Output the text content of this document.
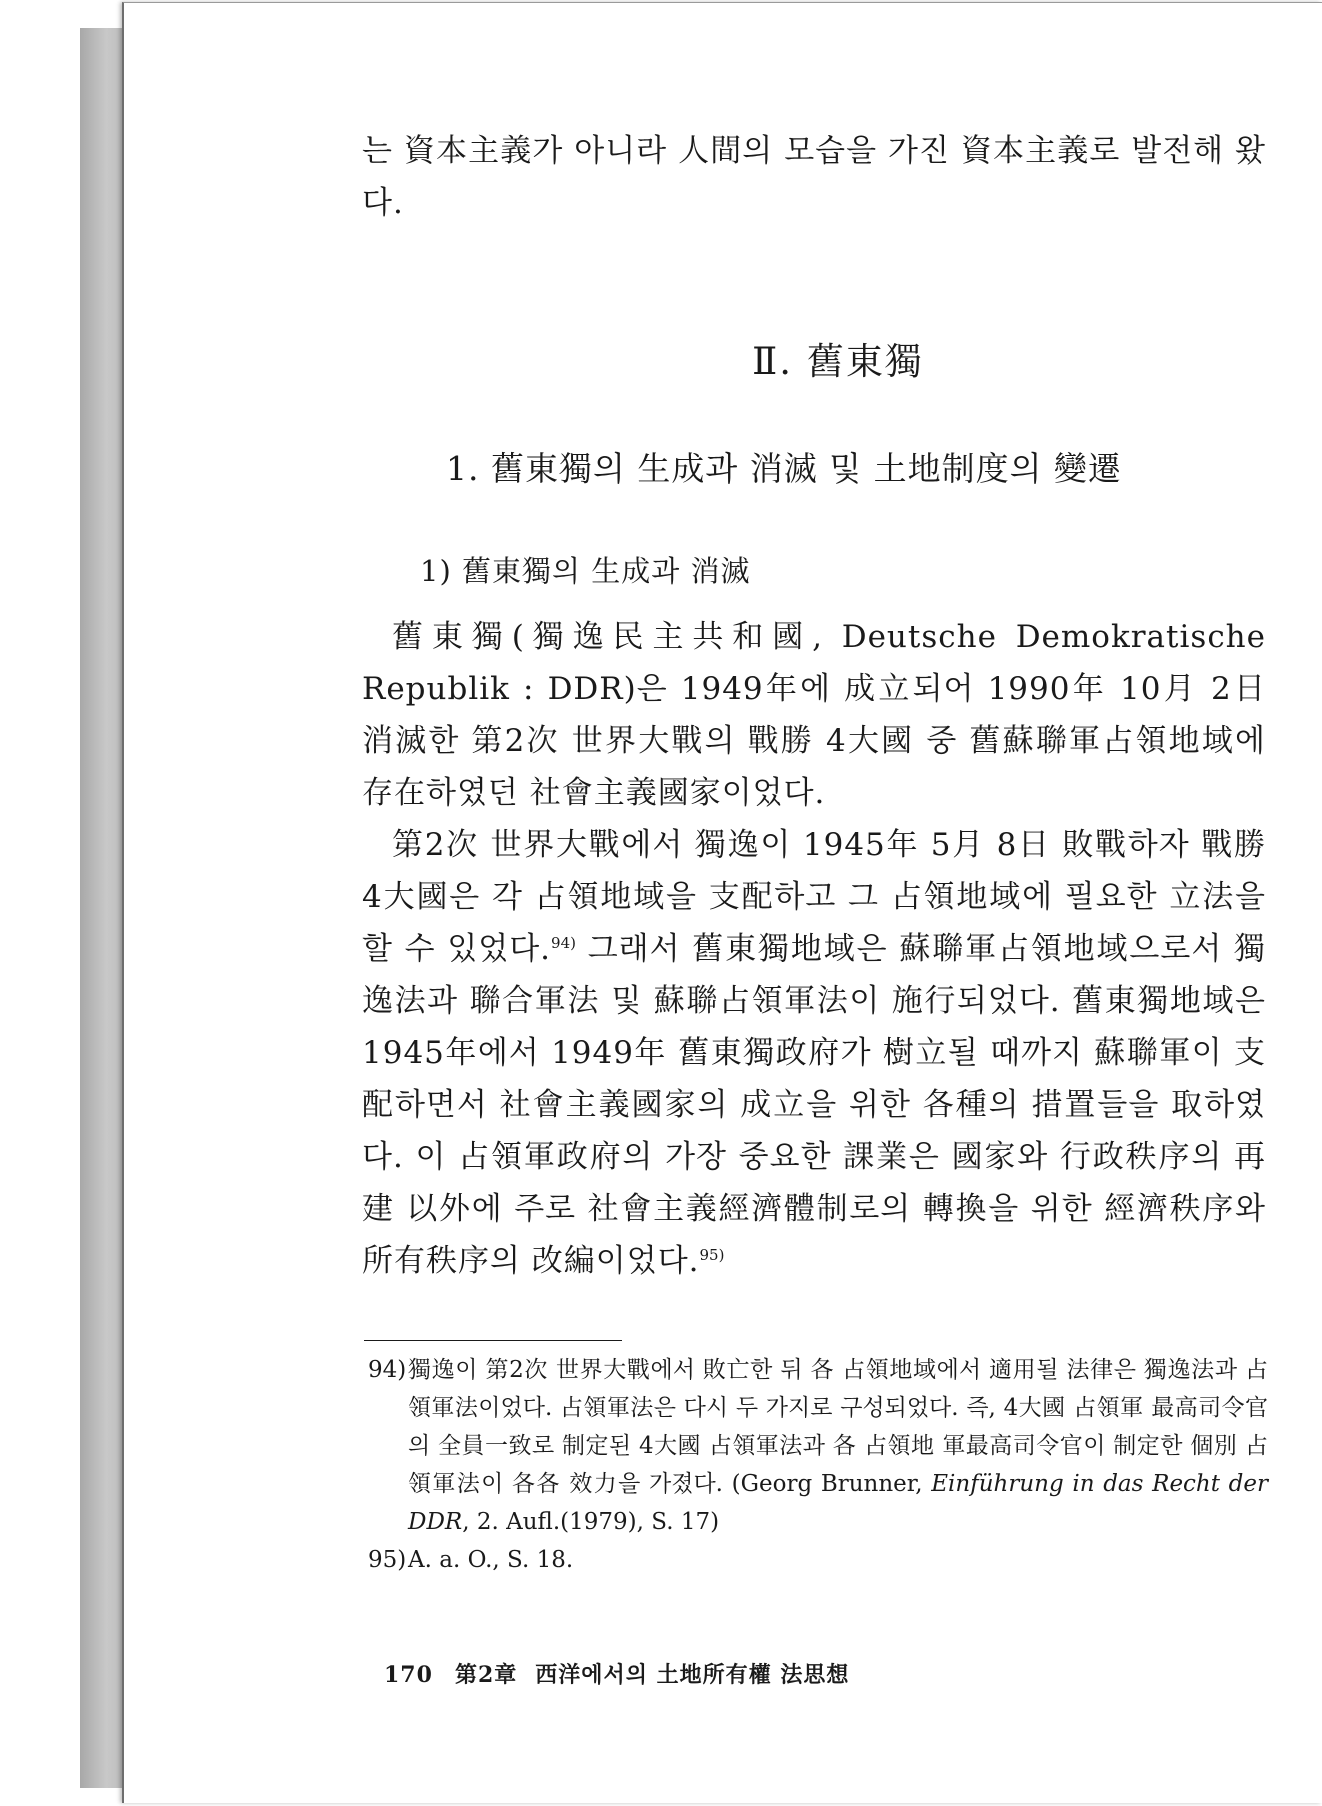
는 資本主義가 아니라 人間의 모습을 가진 資本主義로 발전해 왔다.

Ⅱ. 舊東獨
1. 舊東獨의 生成과 消滅 및 土地制度의 變遷
1) 舊東獨의 生成과 消滅

舊東獨(獨逸民主共和國, Deutsche Demokratische Republik : DDR)은 1949年에 成立되어 1990年 10月 2日 消滅한 第2次 世界大戰의 戰勝 4大國 중 舊蘇聯軍占領地域에 存在하였던 社會主義國家이었다.

第2次 世界大戰에서 獨逸이 1945年 5月 8日 敗戰하자 戰勝 4大國은 각 占領地域을 支配하고 그 占領地域에 필요한 立法을 할 수 있었다.$^{94)}$ 그래서 舊東獨地域은 蘇聯軍占領地域으로서 獨逸法과 聯合軍法 및 蘇聯占領軍法이 施行되었다. 舊東獨地域은 1945年에서 1949年 舊東獨政府가 樹立될 때까지 蘇聯軍이 支配하면서 社會主義國家의 成立을 위한 各種의 措置들을 取하였다. 이 占領軍政府의 가장 중요한 課業은 國家와 行政秩序의 再建 以外에 주로 社會主義經濟體制로의 轉換을 위한 經濟秩序와 所有秩序의 改編이었다.$^{95)}$

94) 獨逸이 第2次 世界大戰에서 敗亡한 뒤 各 占領地域에서 適用될 法律은 獨逸法과 占領軍法이었다. 占領軍法은 다시 두 가지로 구성되었다. 즉, 4大國 占領軍 最高司令官의 全員一致로 制定된 4大國 占領軍法과 各 占領地 軍最高司令官이 制定한 個別 占領軍法이 各各 效力을 가졌다. (Georg Brunner, Einführung in das Recht der DDR, 2. Aufl.(1979), S. 17)
95) A. a. O., S. 18.
170 第2章 西洋에서의 土地所有權 法思想
